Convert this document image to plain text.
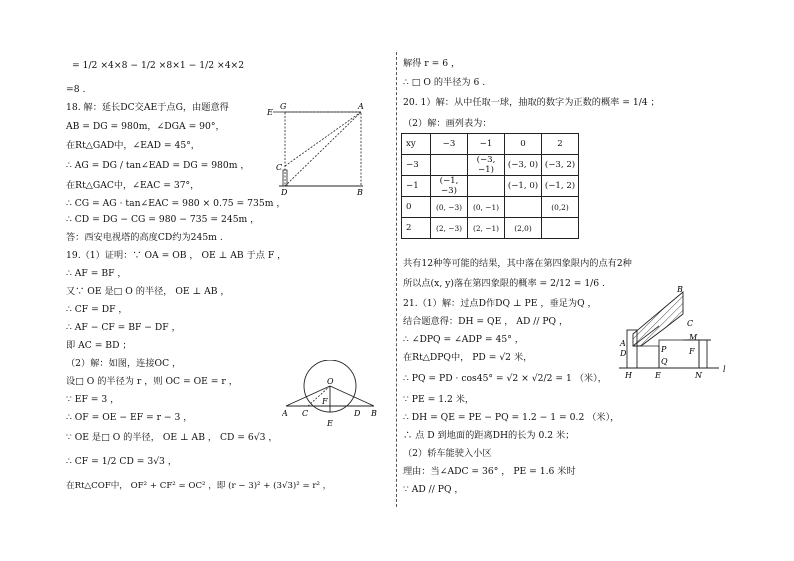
= 1/2 ×4×8 − 1/2 ×8×1 − 1/2 ×4×2
=8 .
18. 解：延长DC交AE于点G，由题意得
AB = DG = 980m，∠DGA = 90°，
在Rt△GAD中，∠EAD = 45°，
∴ AG = DG / tan∠EAD = DG = 980m ，
在Rt△GAC中，∠EAC = 37°，
∴ CG = AG · tan∠EAC = 980 × 0.75 = 735m ，
∴ CD = DG − CG = 980 − 735 = 245m ，
答：西安电视塔的高度CD约为245m .
19.（1）证明：∵ OA = OB ， OE ⊥ AB 于点 F ，
∴ AF = BF ，
又∵ OE 是□ O 的半径， OE ⊥ AB ，
∴ CF = DF ，
∴ AF − CF = BF − DF ，
即 AC = BD ；
（2）解：如图，连接OC ，
设□ O 的半径为 r ，则 OC = OE = r ，
∵ EF = 3 ，
∴ OF = OE − EF = r − 3 ，
∵ OE 是□ O 的半径， OE ⊥ AB ， CD = 6√3 ，
∴ CF = 1/2 CD = 3√3 ，
在Rt△COF中， OF² + CF² = OC² ，即 (r − 3)² + (3√3)² = r² ，
G	A
E
C
D	B
O
A C
F
D B
E
解得 r = 6 ，
∴ □ O 的半径为 6 .
20. 1）解：从中任取一球，抽取的数字为正数的概率 = 1/4 ；
（2）解：画列表为：
xy	−3	−1	0	2
−3		(−3, −1)	(−3, 0)	(−3, 2)
−1	(−1, −3)		(−1, 0)	(−1, 2)
0	(0, −3)	(0, −1)		(0,2)
2	(2, −3)	(2, −1)	(2,0)	
共有12种等可能的结果，其中落在第四象限内的点有2种
所以点(x, y)落在第四象限的概率 = 2/12 = 1/6 .
21.（1）解：过点D作DQ ⊥ PE ，垂足为Q ，
结合题意得：DH = QE ， AD // PQ ，
∴ ∠DPQ = ∠ADP = 45° ，
在Rt△DPQ中， PD = √2 米，
∴ PQ = PD · cos45° = √2 × √2/2 = 1 （米），
∵ PE = 1.2 米，
∴ DH = QE = PE − PQ = 1.2 − 1 = 0.2 （米），
∴ 点 D 到地面的距离DH的长为 0.2 米；
（2）轿车能驶入小区
理由：当∠ADC = 36° ， PE = 1.6 米时
∵ AD // PQ ，
A
B
C
M
D	P	F
Q
H	E	N
l
